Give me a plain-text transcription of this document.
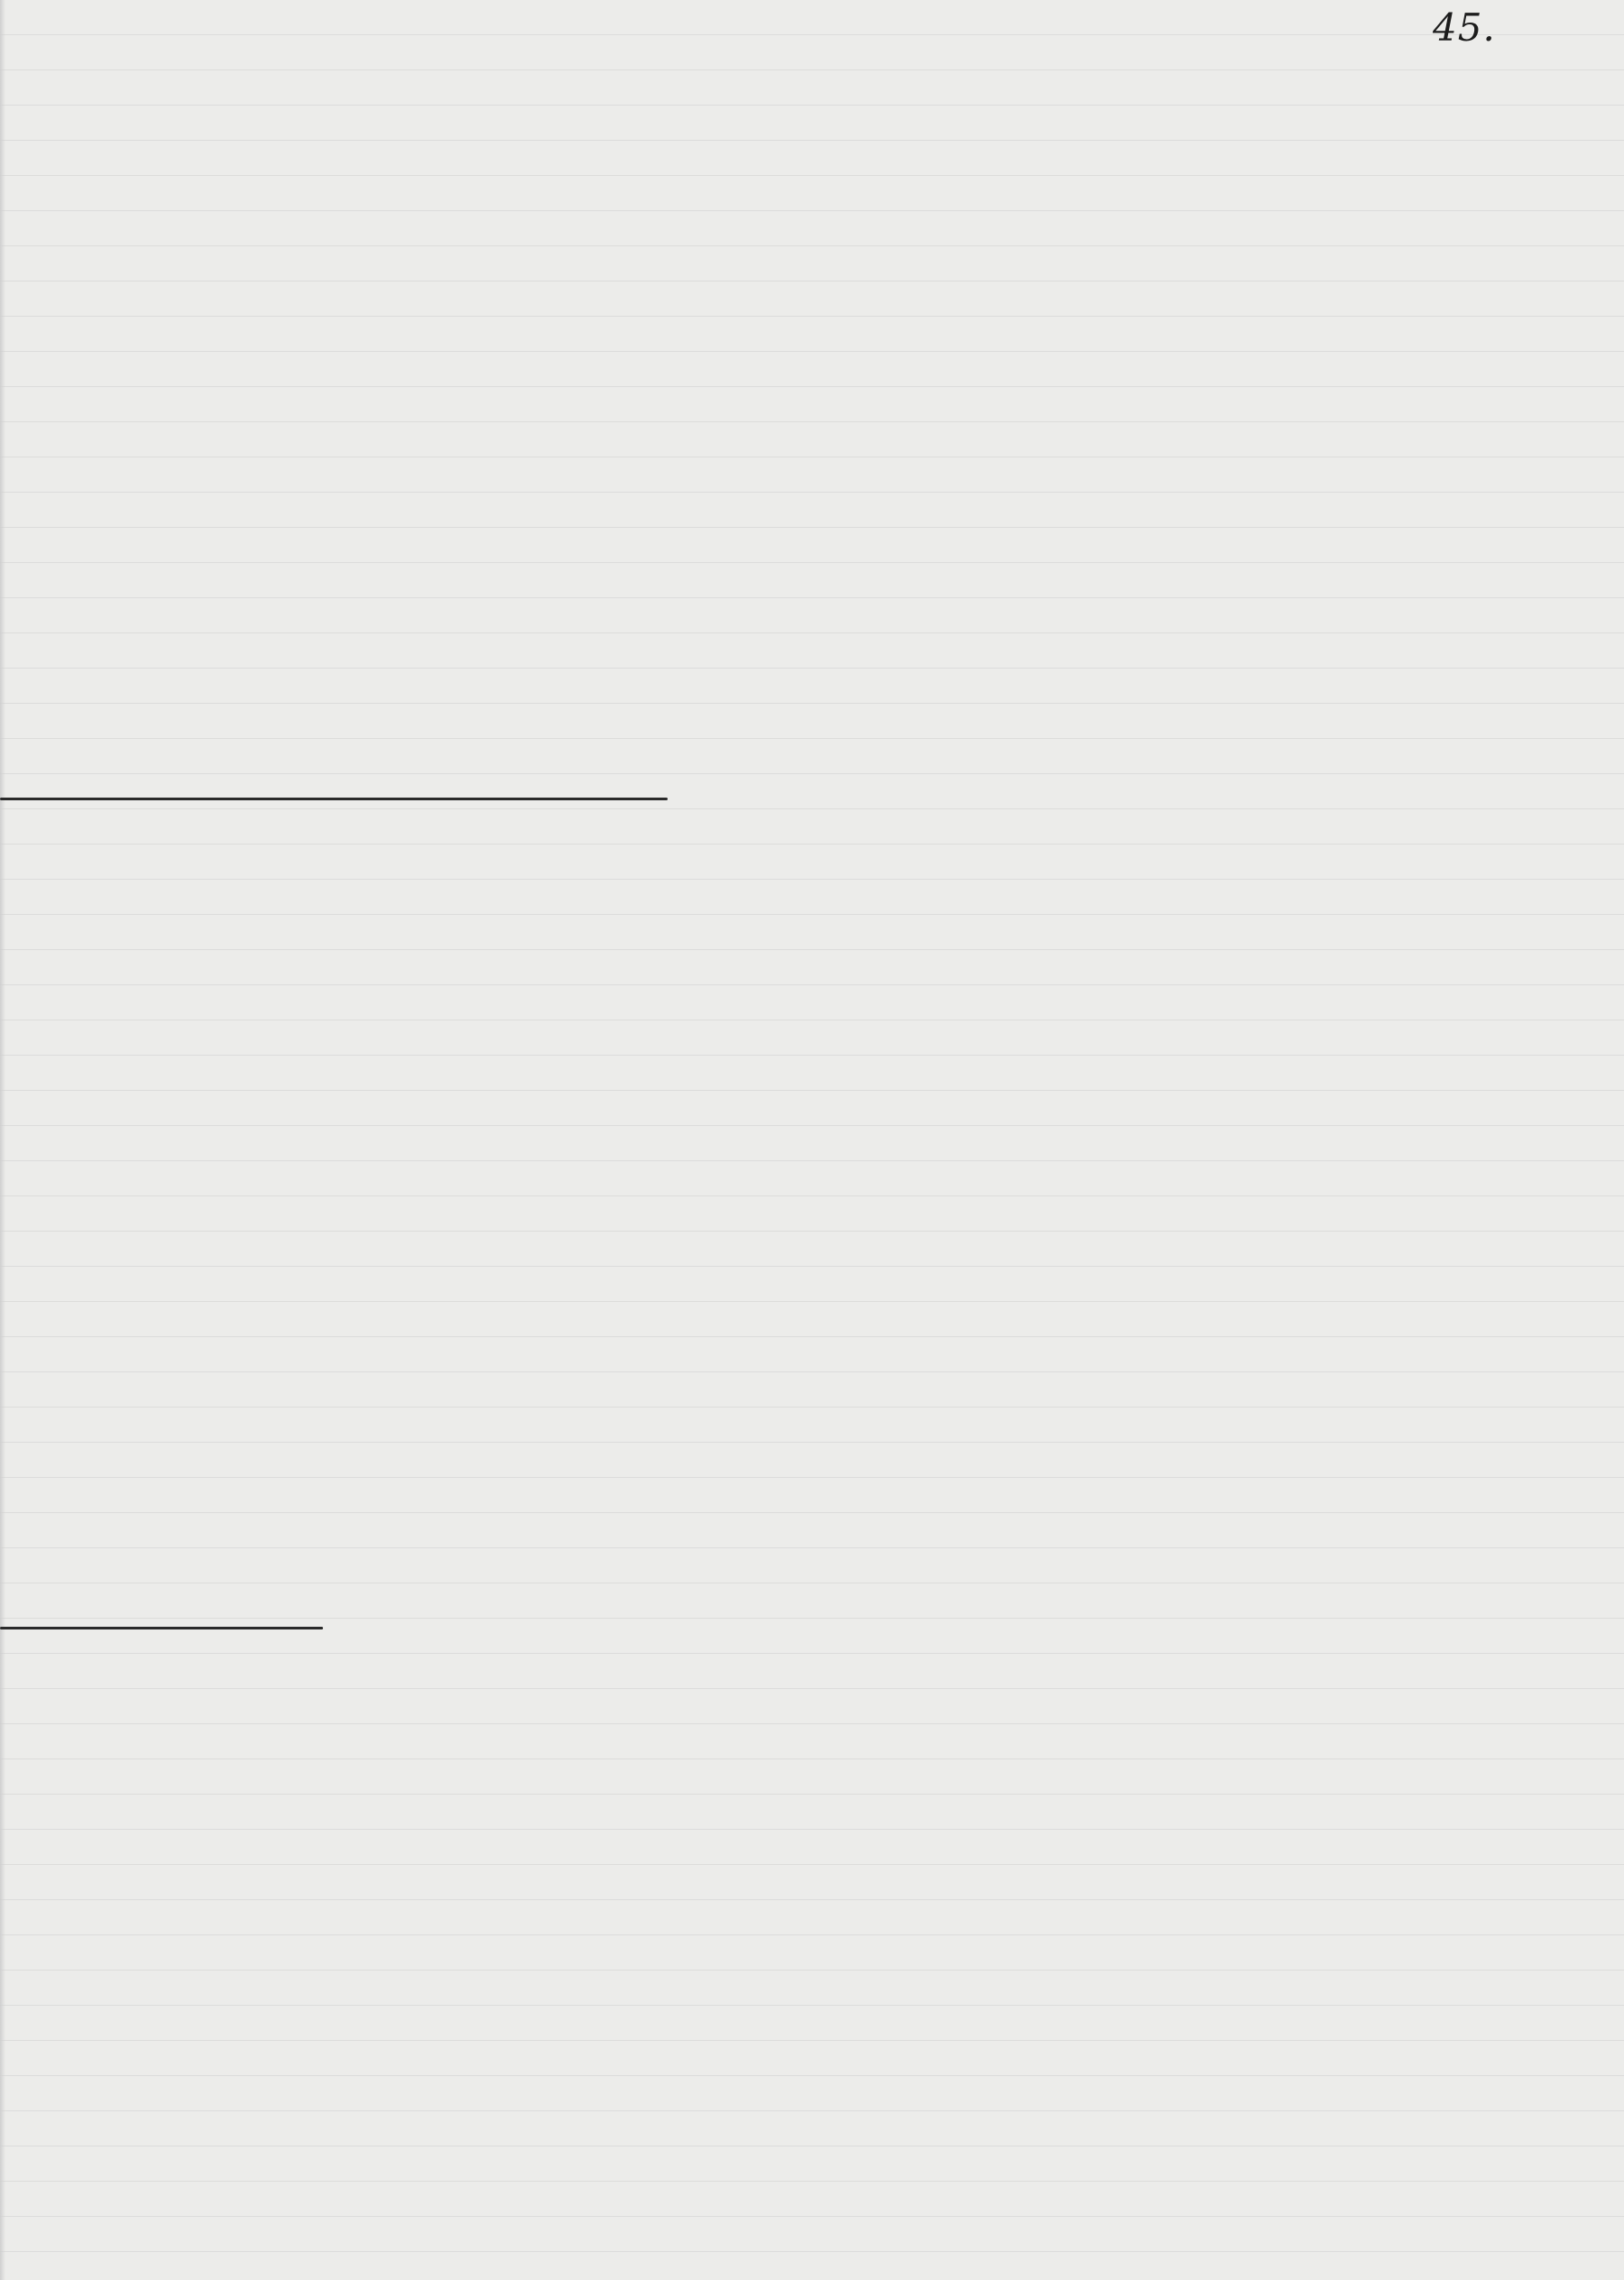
45.
